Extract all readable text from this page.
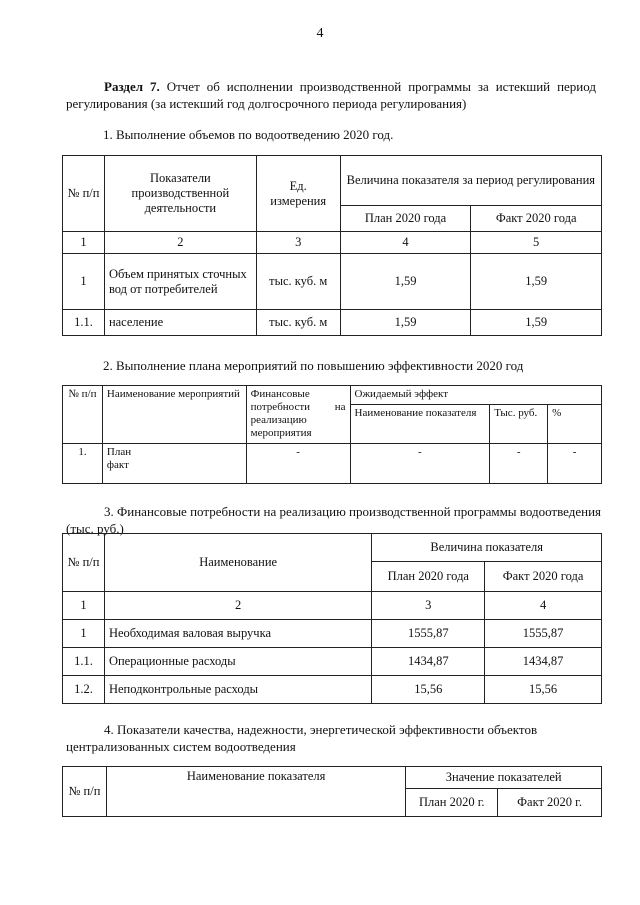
4
Раздел 7. Отчет об исполнении производственной программы за истекший период регулирования (за истекший год долгосрочного периода регулирования)
1. Выполнение объемов по водоотведению 2020 год.
№ п/п	Показатели производственной деятельности	Ед. измерения	Величина показателя за период регулирования	
			План 2020 года	Факт 2020 года
1	2	3	4	5
1	Объем принятых сточных вод от потребителей	тыс. куб. м	1,59	1,59
1.1.	население	тыс. куб. м	1,59	1,59
2. Выполнение плана мероприятий по повышению эффективности 2020 год
№ п/п	Наименование мероприятий	Финансовые
потребности на
реализацию мероприятия	Ожидаемый эффект		
			Наименование показателя	Тыс. руб.	%
1.	План факт	-	-	-	-
3. Финансовые потребности на реализацию производственной программы водоотведения (тыс. руб.)
№ п/п	Наименование	Величина показателя	
		План 2020 года	Факт 2020 года
1	2	3	4
1	Необходимая валовая выручка	1555,87	1555,87
1.1.	Операционные расходы	1434,87	1434,87
1.2.	Неподконтрольные расходы	15,56	15,56
4. Показатели качества, надежности, энергетической эффективности объектов централизованных систем водоотведения
№ п/п	Наименование показателя	Значение показателей	
		План 2020 г.	Факт 2020 г.
